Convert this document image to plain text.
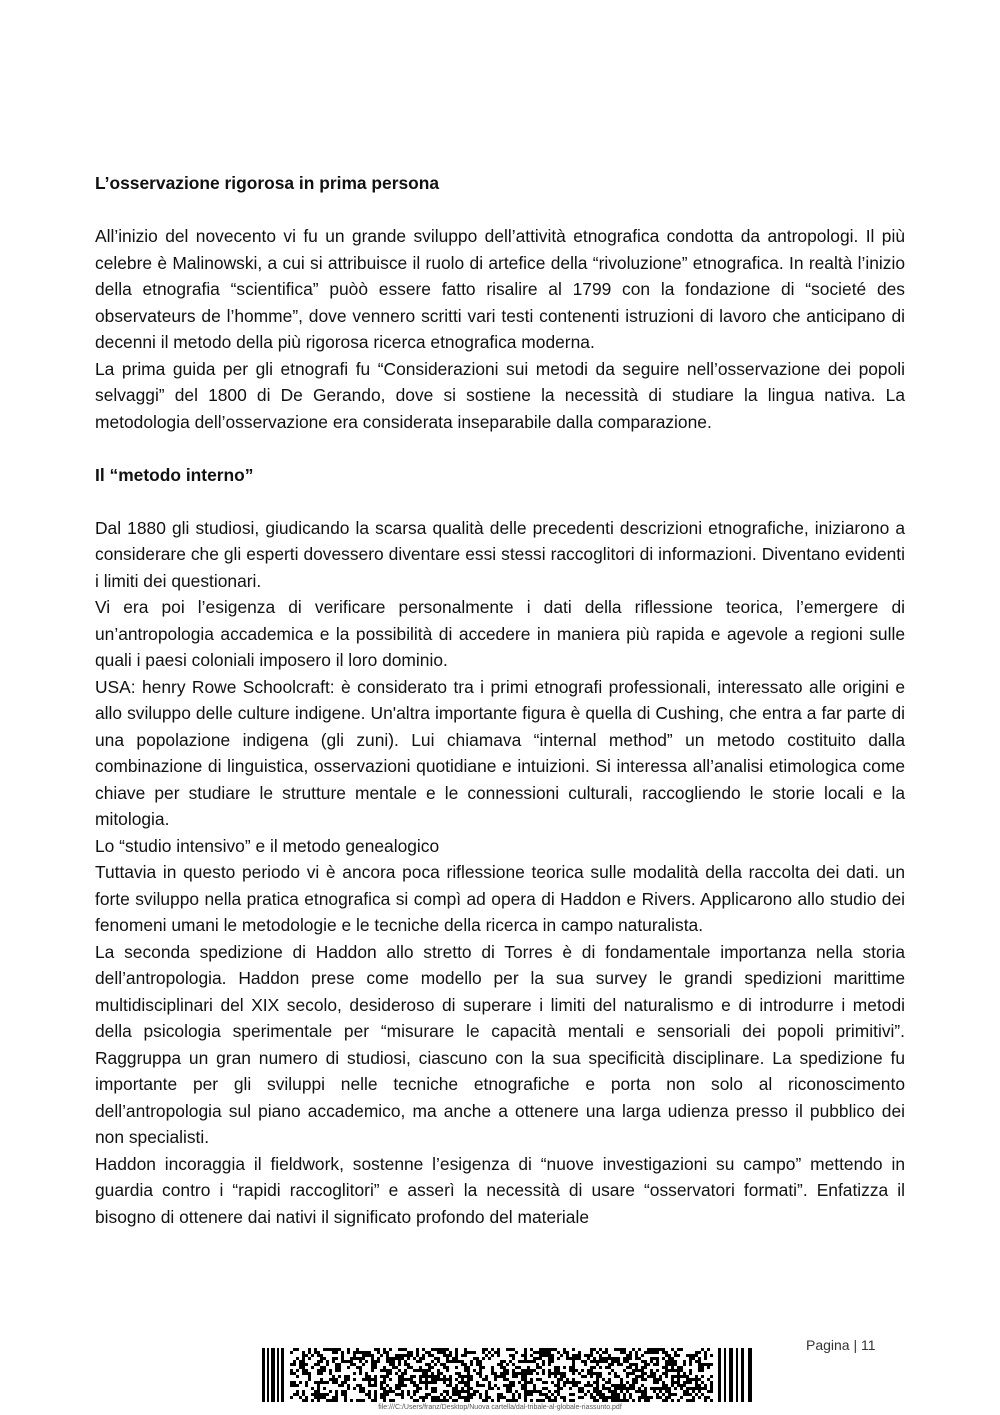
L’osservazione rigorosa in prima persona

All’inizio del novecento vi fu un grande sviluppo dell’attività etnografica condotta da antropologi. Il più celebre è Malinowski, a cui si attribuisce il ruolo di artefice della “rivoluzione” etnografica. In realtà l’inizio della etnografia “scientifica” puòò essere fatto risalire al 1799 con la fondazione di “societé des observateurs de l’homme”, dove vennero scritti vari testi contenenti istruzioni di lavoro che anticipano di decenni il metodo della più rigorosa ricerca etnografica moderna.

La prima guida per gli etnografi fu “Considerazioni sui metodi da seguire nell’osservazione dei popoli selvaggi” del 1800 di De Gerando, dove si sostiene la necessità di studiare la lingua nativa. La metodologia dell’osservazione era considerata inseparabile dalla comparazione.

Il “metodo interno”

Dal 1880 gli studiosi, giudicando la scarsa qualità delle precedenti descrizioni etnografiche, iniziarono a considerare che gli esperti dovessero diventare essi stessi raccoglitori di informazioni. Diventano evidenti i limiti dei questionari.

Vi era poi l’esigenza di verificare personalmente i dati della riflessione teorica, l’emergere di un’antropologia accademica e la possibilità di accedere in maniera più rapida e agevole a regioni sulle quali i paesi coloniali imposero il loro dominio.

USA: henry Rowe Schoolcraft: è considerato tra i primi etnografi professionali, interessato alle origini e allo sviluppo delle culture indigene. Un'altra importante figura è quella di Cushing, che entra a far parte di una popolazione indigena (gli zuni). Lui chiamava “internal method” un metodo costituito dalla combinazione di linguistica, osservazioni quotidiane e intuizioni. Si interessa all’analisi etimologica come chiave per studiare le strutture mentale e le connessioni culturali, raccogliendo le storie locali e la mitologia.

Lo “studio intensivo” e il metodo genealogico

Tuttavia in questo periodo vi è ancora poca riflessione teorica sulle modalità della raccolta dei dati. un forte sviluppo nella pratica etnografica si compì ad opera di Haddon e Rivers. Applicarono allo studio dei fenomeni umani le metodologie e le tecniche della ricerca in campo naturalista.

La seconda spedizione di Haddon allo stretto di Torres è di fondamentale importanza nella storia dell’antropologia. Haddon prese come modello per la sua survey le grandi spedizioni marittime multidisciplinari del XIX secolo, desideroso di superare i limiti del naturalismo e di introdurre i metodi della psicologia sperimentale per “misurare le capacità mentali e sensoriali dei popoli primitivi”. Raggruppa un gran numero di studiosi, ciascuno con la sua specificità disciplinare. La spedizione fu importante per gli sviluppi nelle tecniche etnografiche e porta non solo al riconoscimento dell’antropologia sul piano accademico, ma anche a ottenere una larga udienza presso il pubblico dei non specialisti.

Haddon incoraggia il fieldwork, sostenne l’esigenza di “nuove investigazioni su campo” mettendo in guardia contro i “rapidi raccoglitori” e asserì la necessità di usare “osservatori formati”. Enfatizza il bisogno di ottenere dai nativi il significato profondo del materiale

Pagina | 11
file:///C:/Users/franz/Desktop/Nuova cartella/dal-tribale-al-globale-riassunto.pdf
